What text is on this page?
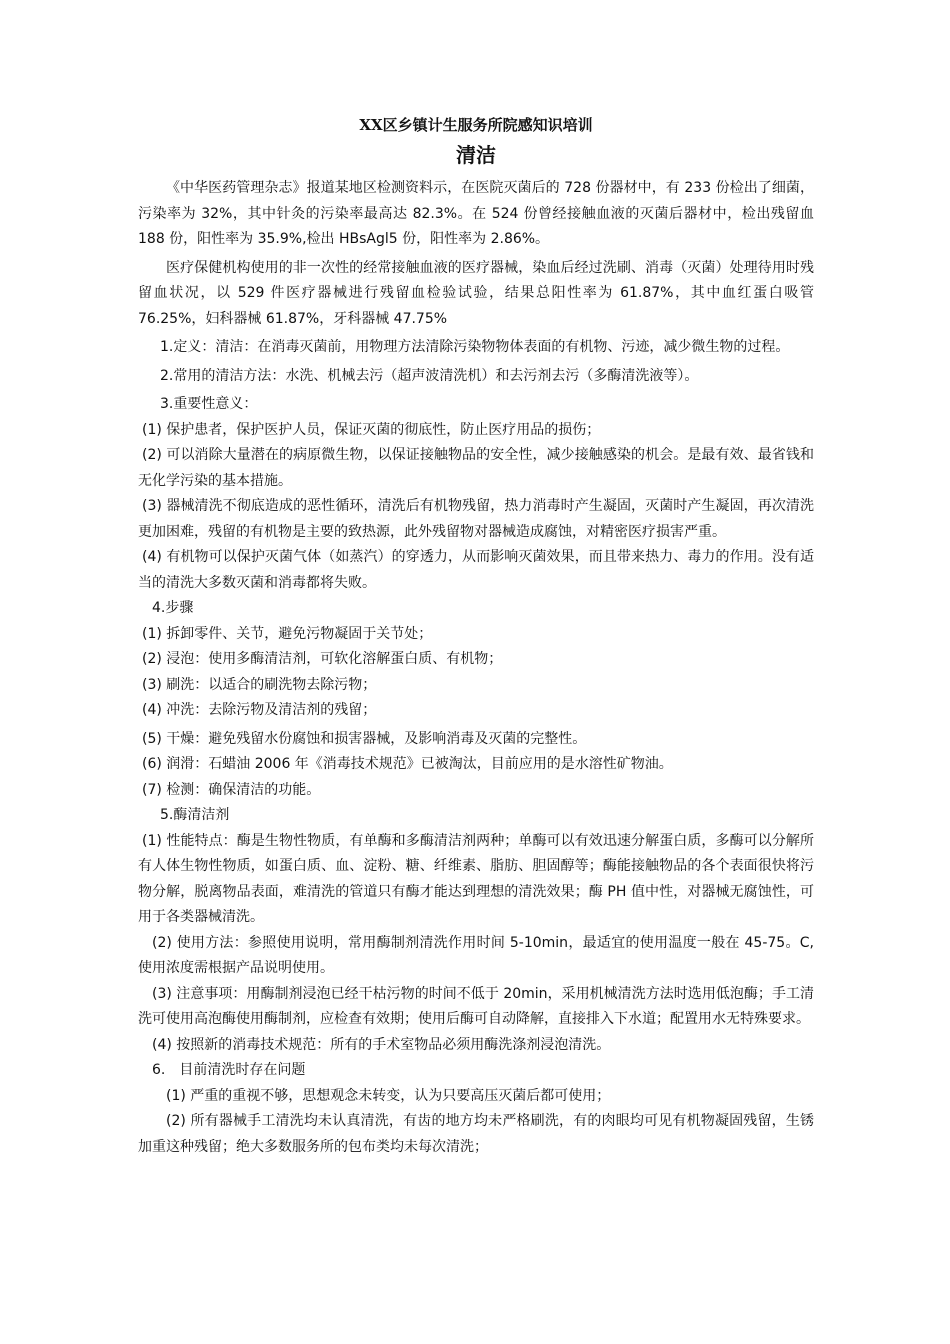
XX区乡镇计生服务所院感知识培训
清洁

《中华医药管理杂志》报道某地区检测资料示，在医院灭菌后的 728 份器材中，有 233 份检出了细菌，污染率为 32%，其中针灸的污染率最高达 82.3%。在 524 份曾经接触血液的灭菌后器材中，检出残留血 188 份，阳性率为 35.9%,检出 HBsAgl5 份，阳性率为 2.86%。

医疗保健机构使用的非一次性的经常接触血液的医疗器械，染血后经过洗刷、消毒（灭菌）处理待用时残留血状况，以 529 件医疗器械进行残留血检验试验，结果总阳性率为 61.87%，其中血红蛋白吸管 76.25%，妇科器械 61.87%，牙科器械 47.75%

1.定义：清洁：在消毒灭菌前，用物理方法清除污染物物体表面的有机物、污迹，减少微生物的过程。

2.常用的清洁方法：水洗、机械去污（超声波清洗机）和去污剂去污（多酶清洗液等）。

3.重要性意义：

(1) 保护患者，保护医护人员，保证灭菌的彻底性，防止医疗用品的损伤；

(2) 可以消除大量潜在的病原微生物，以保证接触物品的安全性，减少接触感染的机会。是最有效、最省钱和无化学污染的基本措施。

(3) 器械清洗不彻底造成的恶性循环，清洗后有机物残留，热力消毒时产生凝固，灭菌时产生凝固，再次清洗更加困难，残留的有机物是主要的致热源，此外残留物对器械造成腐蚀，对精密医疗损害严重。

(4) 有机物可以保护灭菌气体（如蒸汽）的穿透力，从而影响灭菌效果，而且带来热力、毒力的作用。没有适当的清洗大多数灭菌和消毒都将失败。

4.步骤

(1) 拆卸零件、关节，避免污物凝固于关节处；

(2) 浸泡：使用多酶清洁剂，可软化溶解蛋白质、有机物；

(3) 刷洗：以适合的刷洗物去除污物；

(4) 冲洗：去除污物及清洁剂的残留；

(5) 干燥：避免残留水份腐蚀和损害器械，及影响消毒及灭菌的完整性。

(6) 润滑：石蜡油 2006 年《消毒技术规范》已被淘汰，目前应用的是水溶性矿物油。

(7) 检测：确保清洁的功能。

5.酶清洁剂

(1) 性能特点：酶是生物性物质，有单酶和多酶清洁剂两种；单酶可以有效迅速分解蛋白质，多酶可以分解所有人体生物性物质，如蛋白质、血、淀粉、糖、纤维素、脂肪、胆固醇等；酶能接触物品的各个表面很快将污物分解，脱离物品表面，难清洗的管道只有酶才能达到理想的清洗效果；酶 PH 值中性，对器械无腐蚀性，可用于各类器械清洗。

(2) 使用方法：参照使用说明，常用酶制剂清洗作用时间 5-10min，最适宜的使用温度一般在 45-75。C,使用浓度需根据产品说明使用。

(3) 注意事项：用酶制剂浸泡已经干枯污物的时间不低于 20min，采用机械清洗方法时选用低泡酶；手工清洗可使用高泡酶使用酶制剂，应检查有效期；使用后酶可自动降解，直接排入下水道；配置用水无特殊要求。

(4) 按照新的消毒技术规范：所有的手术室物品必须用酶洗涤剂浸泡清洗。

6.　目前清洗时存在问题

(1) 严重的重视不够，思想观念未转变，认为只要高压灭菌后都可使用；

(2) 所有器械手工清洗均未认真清洗，有齿的地方均未严格刷洗，有的肉眼均可见有机物凝固残留，生锈加重这种残留；绝大多数服务所的包布类均未每次清洗；
